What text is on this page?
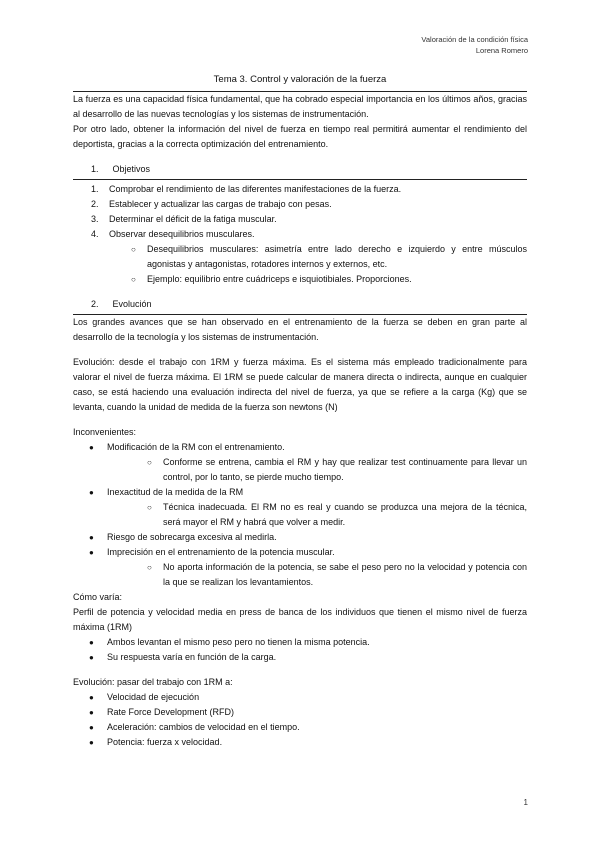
Valoración de la condición física
Lorena Romero
Tema 3. Control y valoración de la fuerza

La fuerza es una capacidad física fundamental, que ha cobrado especial importancia en los últimos años, gracias al desarrollo de las nuevas tecnologías y los sistemas de instrumentación.

Por otro lado, obtener la información del nivel de fuerza en tiempo real permitirá aumentar el rendimiento del deportista, gracias a la correcta optimización del entrenamiento.

1. Objetivos
1.	Comprobar el rendimiento de las diferentes manifestaciones de la fuerza.
2.	Establecer y actualizar las cargas de trabajo con pesas.
3.	Determinar el déficit de la fatiga muscular.
4.	Observar desequilibrios musculares.
○	Desequilibrios musculares: asimetría entre lado derecho e izquierdo y entre músculos agonistas y antagonistas, rotadores internos y externos, etc.
○	Ejemplo: equilibrio entre cuádriceps e isquiotibiales. Proporciones.
2. Evolución

Los grandes avances que se han observado en el entrenamiento de la fuerza se deben en gran parte al desarrollo de la tecnología y los sistemas de instrumentación.

Evolución: desde el trabajo con 1RM y fuerza máxima. Es el sistema más empleado tradicionalmente para valorar el nivel de fuerza máxima. El 1RM se puede calcular de manera directa o indirecta, aunque en cualquier caso, se está haciendo una evaluación indirecta del nivel de fuerza, ya que se refiere a la carga (Kg) que se levanta, cuando la unidad de medida de la fuerza son newtons (N)

Inconvenientes:

●	Modificación de la RM con el entrenamiento.
○	Conforme se entrena, cambia el RM y hay que realizar test continuamente para llevar un control, por lo tanto, se pierde mucho tiempo.
●	Inexactitud de la medida de la RM
○	Técnica inadecuada. El RM no es real y cuando se produzca una mejora de la técnica, será mayor el RM y habrá que volver a medir.
●	Riesgo de sobrecarga excesiva al medirla.
●	Imprecisión en el entrenamiento de la potencia muscular.
○	No aporta información de la potencia, se sabe el peso pero no la velocidad y potencia con la que se realizan los levantamientos.

Cómo varía:

Perfil de potencia y velocidad media en press de banca de los individuos que tienen el mismo nivel de fuerza máxima (1RM)

●	Ambos levantan el mismo peso pero no tienen la misma potencia.
●	Su respuesta varía en función de la carga.

Evolución: pasar del trabajo con 1RM a:

●	Velocidad de ejecución
●	Rate Force Development (RFD)
●	Aceleración: cambios de velocidad en el tiempo.
●	Potencia: fuerza x velocidad.
1
